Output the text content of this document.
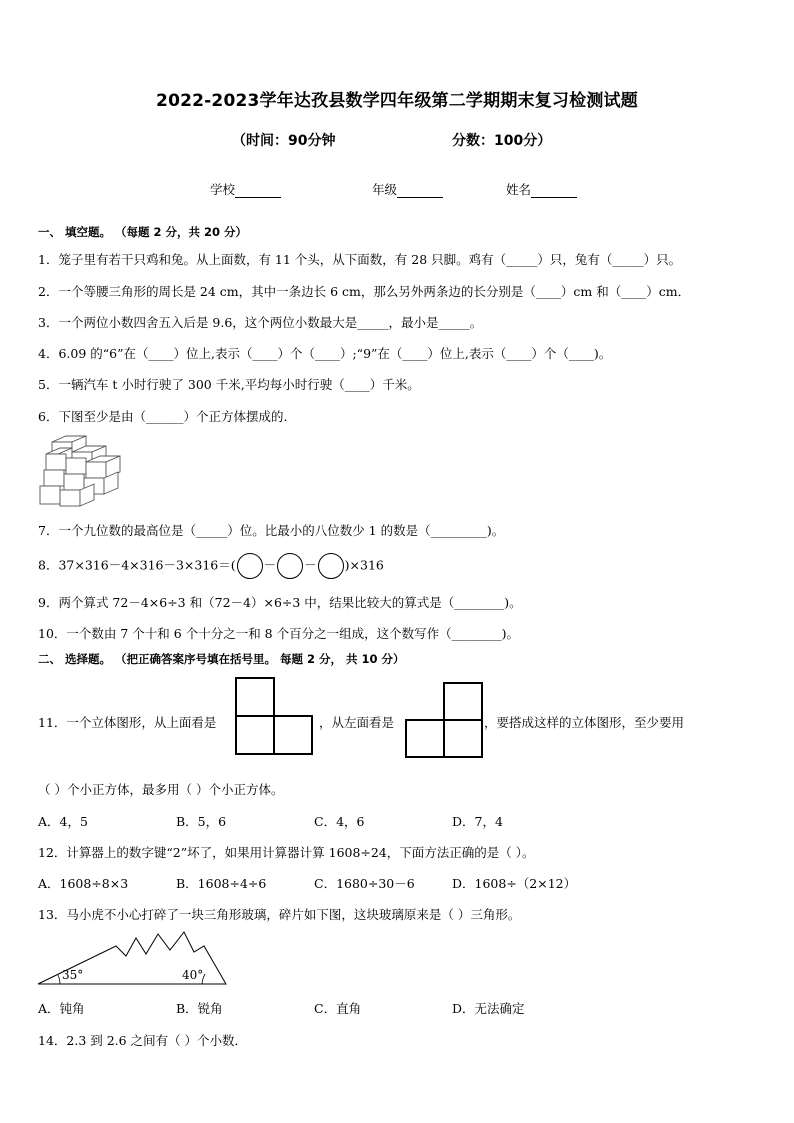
2022-2023学年达孜县数学四年级第二学期期末复习检测试题
（时间：90分钟	分数：100分）
学校	年级	姓名
一、 填空题。 （每题 2 分，共 20 分）
1．笼子里有若干只鸡和兔。从上面数，有 11 个头，从下面数，有 28 只脚。鸡有（_____）只，兔有（_____）只。
2．一个等腰三角形的周长是 24 cm，其中一条边长 6 cm，那么另外两条边的长分别是（____）cm 和（____）cm．
3．一个两位小数四舍五入后是 9.6，这个两位小数最大是_____，最小是_____。
4．6.09 的“6”在（____）位上,表示（____）个（____）;“9”在（____）位上,表示（____）个（____)。
5．一辆汽车 t 小时行驶了 300 千米,平均每小时行驶（____）千米。
6．下图至少是由（______）个正方体摆成的.
7．一个九位数的最高位是（_____）位。比最小的八位数少 1 的数是（_________)。
8．37×316－4×316－3×316＝( － － )×316
9．两个算式 72－4×6÷3 和（72－4）×6÷3 中，结果比较大的算式是（________)。
10．一个数由 7 个十和 6 个十分之一和 8 个百分之一组成，这个数写作（________)。
二、 选择题。 （把正确答案序号填在括号里。 每题 2 分， 共 10 分）
11．一个立体图形，从上面看是	，从左面看是	，要搭成这样的立体图形，至少要用
（ ）个小正方体，最多用（ ）个小正方体。
A．4，5	B．5，6	C．4，6	D．7，4
12．计算器上的数字键“2”坏了，如果用计算器计算 1608÷24，下面方法正确的是（ ）。
A．1608÷8×3	B．1608÷4÷6	C．1680÷30－6	D．1608÷（2×12）
13．马小虎不小心打碎了一块三角形玻璃，碎片如下图，这块玻璃原来是（ ）三角形。
35°	40°
A．钝角	B．锐角	C．直角	D．无法确定
14．2.3 到 2.6 之间有（ ）个小数．
